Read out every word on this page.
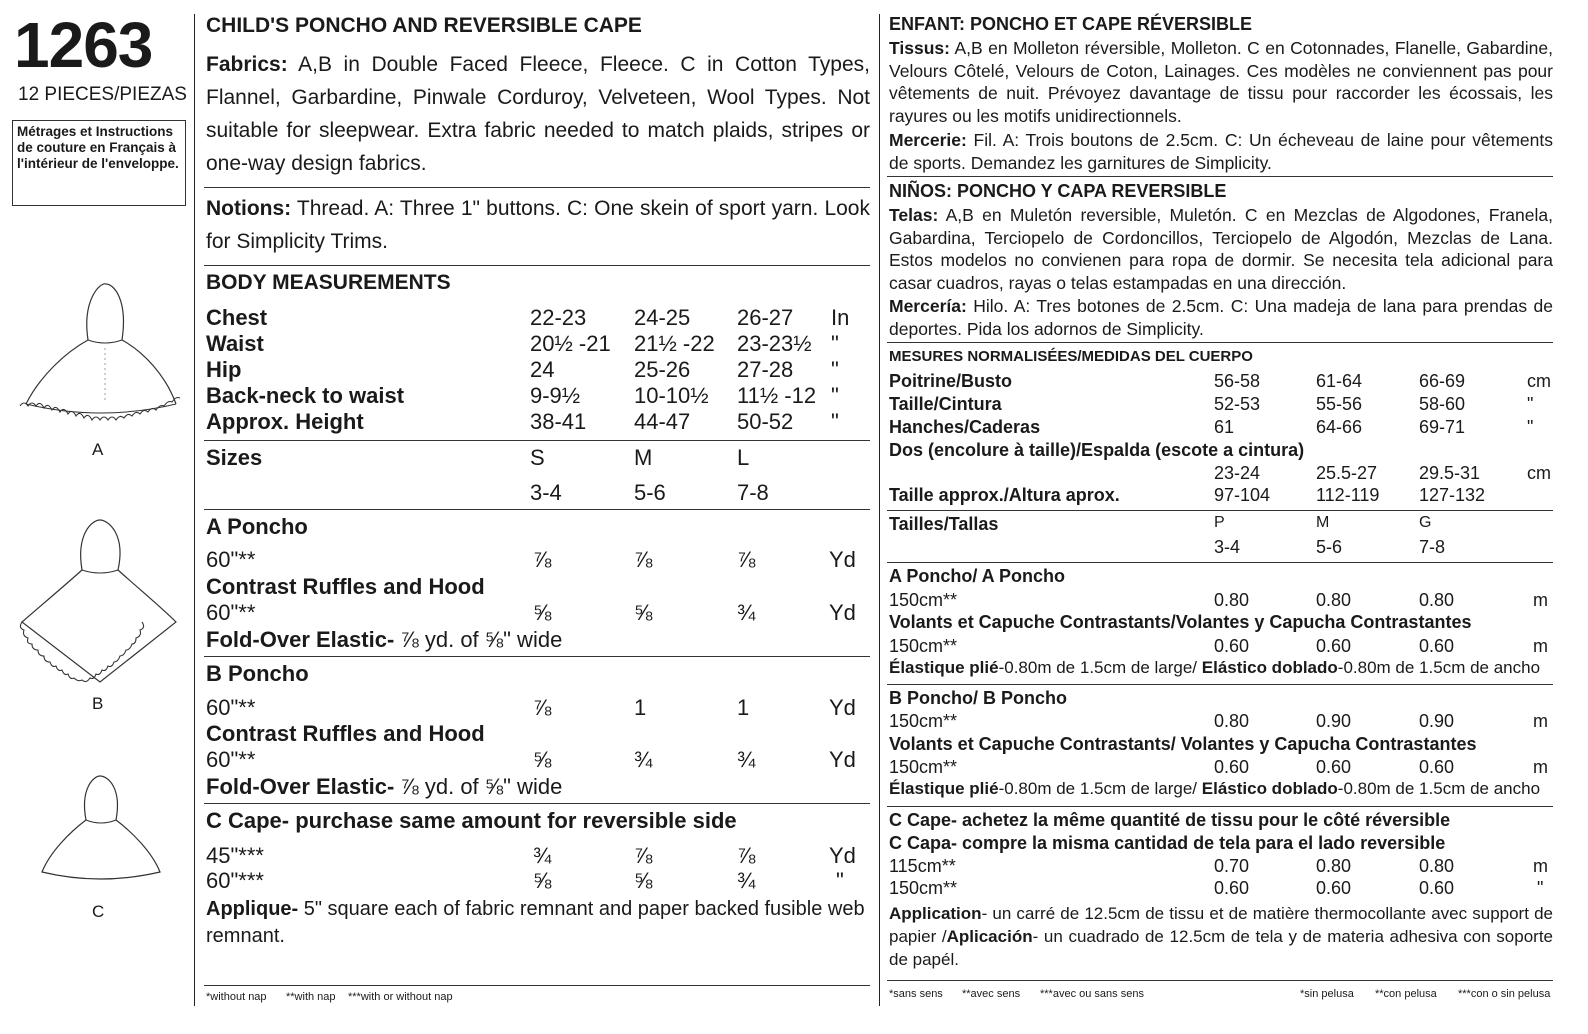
1263
12 PIECES/PIEZAS
Métrages et Instructions de couture en Français à l'intérieur de l'enveloppe.
A
B
C
CHILD'S PONCHO AND REVERSIBLE CAPE
Fabrics: A,B in Double Faced Fleece, Fleece. C in Cotton Types, Flannel, Garbardine, Pinwale Corduroy, Velveteen, Wool Types. Not suitable for sleepwear. Extra fabric needed to match plaids, stripes or one-way design fabrics.
Notions: Thread. A: Three 1" buttons. C: One skein of sport yarn. Look for Simplicity Trims.
BODY MEASUREMENTS
Chest	22-23 24-25 26-27 In
Waist	20½ -21 21½ -22 23-23½ "
Hip	24	25-26 27-28 "
Back-neck to waist	9-9½ 10-10½ 11½ -12 "
Approx. Height	38-41 44-47 50-52 "
Sizes	S	M	L
3-4	5-6	7-8
A Poncho
60"**	⅞	⅞	⅞	Yd
Contrast Ruffles and Hood
60"**	⅝	⅝	¾	Yd
Fold-Over Elastic- ⅞ yd. of ⅝" wide
B Poncho
60"**	⅞	1	1	Yd
Contrast Ruffles and Hood
60"**	⅝	¾	¾	Yd
Fold-Over Elastic- ⅞ yd. of ⅝" wide
C Cape- purchase same amount for reversible side
45"***	¾	⅞	⅞	Yd
60"***	⅝	⅝	¾	"
Applique- 5" square each of fabric remnant and paper backed fusible web remnant.
*without nap **with nap ***with or without nap
ENFANT: PONCHO ET CAPE RÉVERSIBLE
Tissus: A,B en Molleton réversible, Molleton. C en Cotonnades, Flanelle, Gabardine, Velours Côtelé, Velours de Coton, Lainages. Ces modèles ne conviennent pas pour vêtements de nuit. Prévoyez davantage de tissu pour raccorder les écossais, les rayures ou les motifs unidirectionnels.
Mercerie: Fil. A: Trois boutons de 2.5cm. C: Un écheveau de laine pour vêtements de sports. Demandez les garnitures de Simplicity.
NIÑOS: PONCHO Y CAPA REVERSIBLE
Telas: A,B en Muletón reversible, Muletón. C en Mezclas de Algodones, Franela, Gabardina, Terciopelo de Cordoncillos, Terciopelo de Algodón, Mezclas de Lana. Estos modelos no convienen para ropa de dormir. Se necesita tela adicional para casar cuadros, rayas o telas estampadas en una dirección.
Mercería: Hilo. A: Tres botones de 2.5cm. C: Una madeja de lana para prendas de deportes. Pida los adornos de Simplicity.
MESURES NORMALISÉES/MEDIDAS DEL CUERPO
Poitrine/Busto	56-58	61-64	66-69	cm
Taille/Cintura	52-53	55-56	58-60	"
Hanches/Caderas	61	64-66	69-71	"
Dos (encolure à taille)/Espalda (escote a cintura)
23-24	25.5-27 29.5-31	cm
Taille approx./Altura aprox.	97-104	112-119 127-132
Tailles/Tallas	P	M	G
3-4	5-6	7-8
A Poncho/ A Poncho
150cm**	0.80	0.80	0.80	m
Volants et Capuche Contrastants/Volantes y Capucha Contrastantes
150cm**	0.60	0.60	0.60	m
Élastique plié-0.80m de 1.5cm de large/ Elástico doblado-0.80m de 1.5cm de ancho
B Poncho/ B Poncho
150cm**	0.80	0.90	0.90	m
Volants et Capuche Contrastants/ Volantes y Capucha Contrastantes
150cm**	0.60	0.60	0.60	m
Élastique plié-0.80m de 1.5cm de large/ Elástico doblado-0.80m de 1.5cm de ancho
C Cape- achetez la même quantité de tissu pour le côté réversible
C Capa- compre la misma cantidad de tela para el lado reversible
115cm**	0.70	0.80	0.80	m
150cm**	0.60	0.60	0.60	"
Application- un carré de 12.5cm de tissu et de matière thermocollante avec support de papier /Aplicación- un cuadrado de 12.5cm de tela y de materia adhesiva con soporte de papél.
*sans sens **avec sens ***avec ou sans sens	*sin pelusa **con pelusa ***con o sin pelusa
